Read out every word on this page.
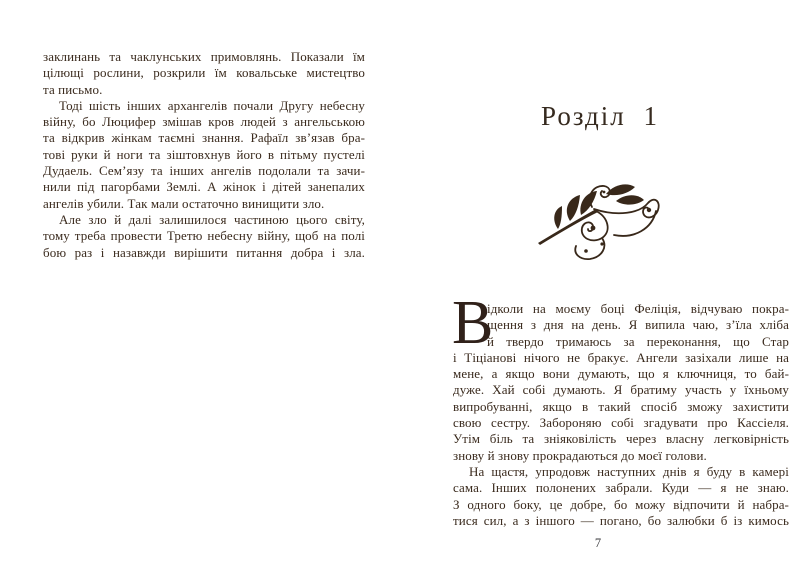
заклинань та чаклунських примовлянь. Показали їм
цілющі рослини, розкрили їм ковальське мистецтво
та письмо.
Тоді шість інших архангелів почали Другу небесну
війну, бо Люцифер змішав кров людей з ангельською
та відкрив жінкам таємні знання. Рафаїл зв’язав бра-
тові руки й ноги та зіштовхнув його в пітьму пустелі
Дудаель. Сем’язу та інших ангелів подолали та зачи-
нили під пагорбами Землі. А жінок і дітей занепалих
ангелів убили. Так мали остаточно винищити зло.
Але зло й далі залишилося частиною цього світу,
тому треба провести Третю небесну війну, щоб на полі
бою раз і назавжди вирішити питання добра і зла.
Розділ 1
В
ідколи на моєму боці Феліція, відчуваю покра-
щення з дня на день. Я випила чаю, з’їла хліба
й твердо тримаюсь за переконання, що Стар
і Тіціанові нічого не бракує. Ангели зазіхали лише на
мене, а якщо вони думають, що я ключниця, то бай-
дуже. Хай собі думають. Я братиму участь у їхньому
випробуванні, якщо в такий спосіб зможу захистити
свою сестру. Забороняю собі згадувати про Кассіеля.
Утім біль та зніяковілість через власну легковірність
знову й знову прокрадаються до моєї голови.
На щастя, упродовж наступних днів я буду в камері
сама. Інших полонених забрали. Куди — я не знаю.
З одного боку, це добре, бо можу відпочити й набра-
тися сил, а з іншого — погано, бо залюбки б із кимось
7
